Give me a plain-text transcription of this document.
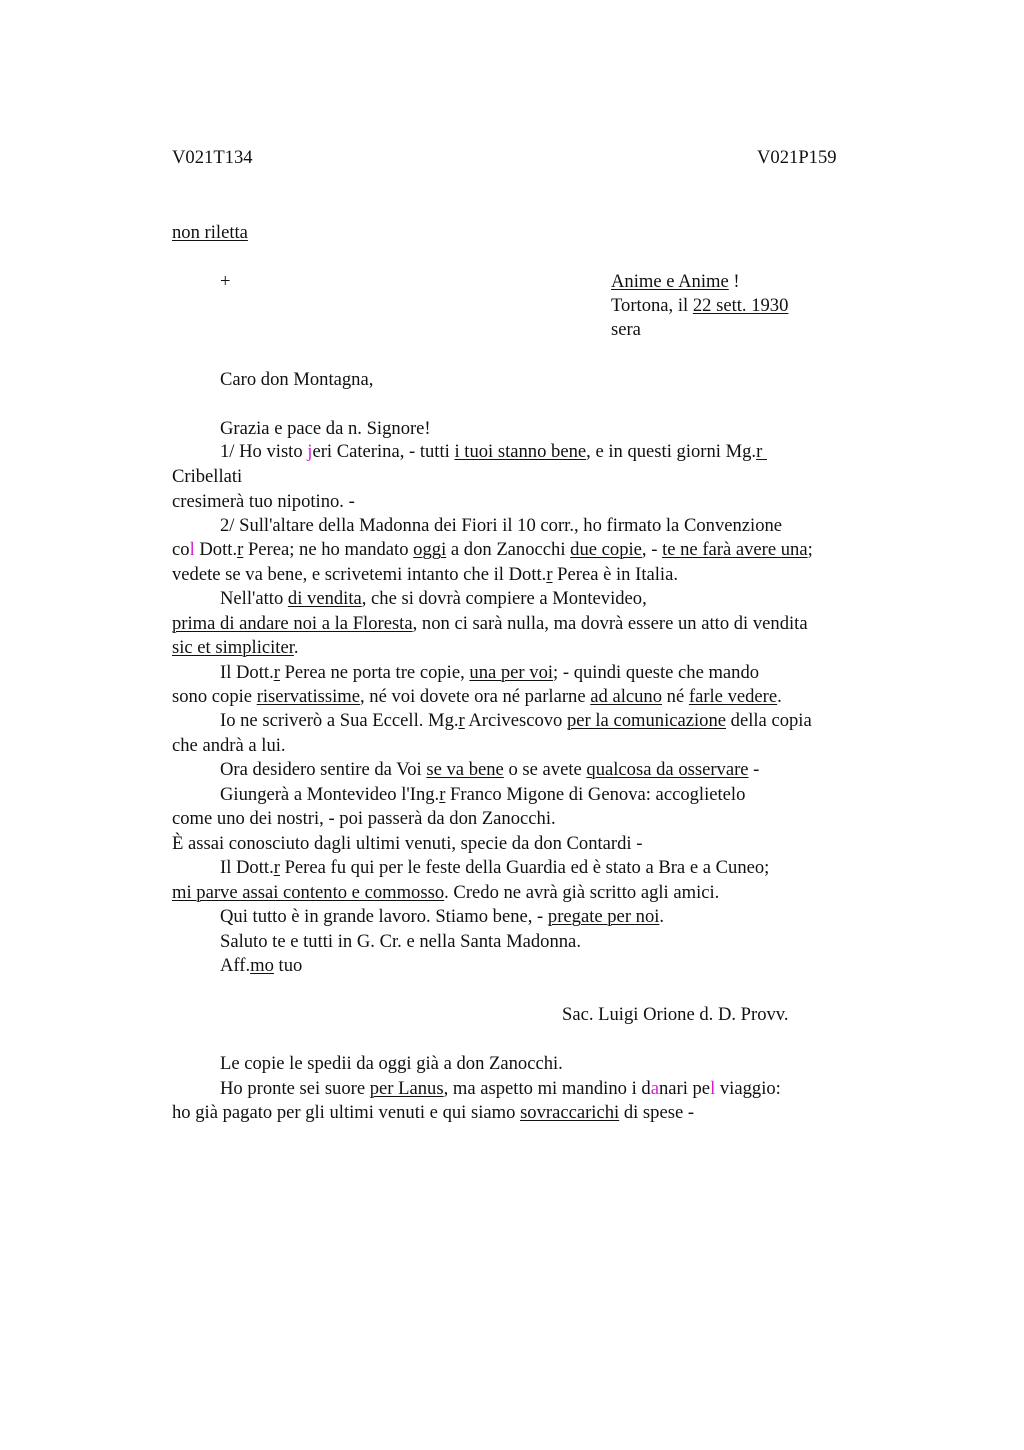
V021T134	V021P159
non riletta
+	Anime e Anime !
Tortona, il 22 sett. 1930
sera
Caro don Montagna,
Grazia e pace da n. Signore!
1/ Ho visto jeri Caterina, - tutti i tuoi stanno bene, e in questi giorni Mg.r
Cribellati
cresimerà tuo nipotino. -
2/ Sull'altare della Madonna dei Fiori il 10 corr., ho firmato la Convenzione
col Dott.r Perea; ne ho mandato oggi a don Zanocchi due copie, - te ne farà avere una;
vedete se va bene, e scrivetemi intanto che il Dott.r Perea è in Italia.
Nell'atto di vendita, che si dovrà compiere a Montevideo,
prima di andare noi a la Floresta, non ci sarà nulla, ma dovrà essere un atto di vendita
sic et simpliciter.
Il Dott.r Perea ne porta tre copie, una per voi; - quindi queste che mando
sono copie riservatissime, né voi dovete ora né parlarne ad alcuno né farle vedere.
Io ne scriverò a Sua Eccell. Mg.r Arcivescovo per la comunicazione della copia
che andrà a lui.
Ora desidero sentire da Voi se va bene o se avete qualcosa da osservare -
Giungerà a Montevideo l'Ing.r Franco Migone di Genova: accoglietelo
come uno dei nostri, - poi passerà da don Zanocchi.
È assai conosciuto dagli ultimi venuti, specie da don Contardi -
Il Dott.r Perea fu qui per le feste della Guardia ed è stato a Bra e a Cuneo;
mi parve assai contento e commosso. Credo ne avrà già scritto agli amici.
Qui tutto è in grande lavoro. Stiamo bene, - pregate per noi.
Saluto te e tutti in G. Cr. e nella Santa Madonna.
Aff.mo tuo
Sac. Luigi Orione d. D. Provv.
Le copie le spedii da oggi già a don Zanocchi.
Ho pronte sei suore per Lanus, ma aspetto mi mandino i danari pel viaggio:
ho già pagato per gli ultimi venuti e qui siamo sovraccarichi di spese -
